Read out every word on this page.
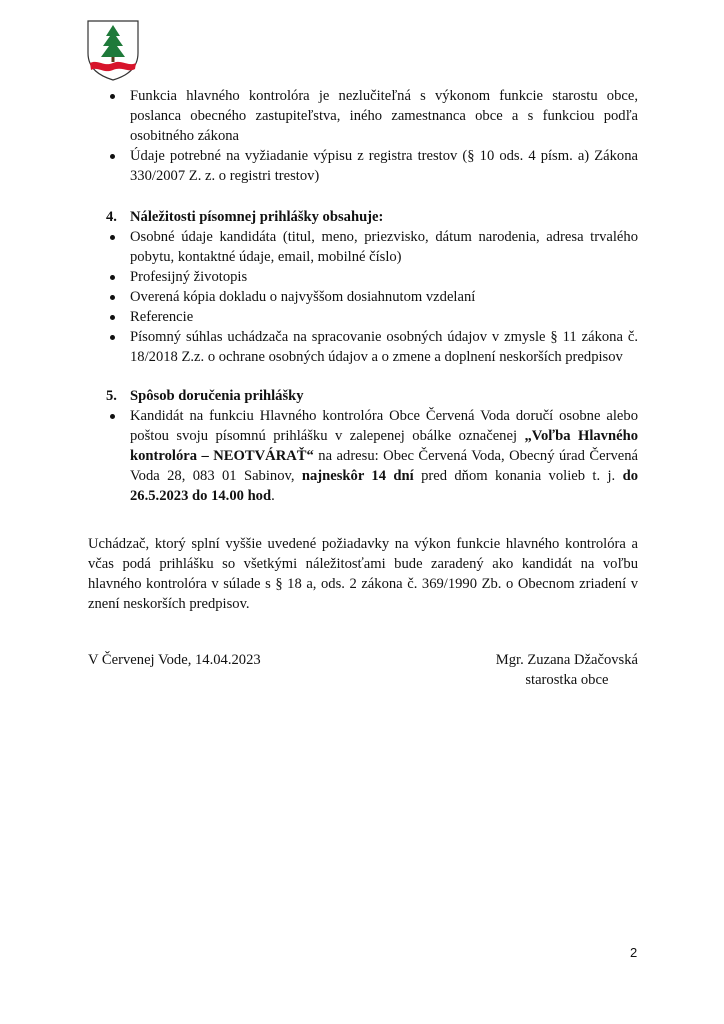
Funkcia hlavného kontrolóra je nezlučiteľná s výkonom funkcie starostu obce, poslanca obecného zastupiteľstva, iného zamestnanca obce a s funkciou podľa osobitného zákona
Údaje potrebné na vyžiadanie výpisu z registra trestov (§ 10 ods. 4 písm. a) Zákona 330/2007 Z. z. o registri trestov)
4. Náležitosti písomnej prihlášky obsahuje:
Osobné údaje kandidáta (titul, meno, priezvisko, dátum narodenia, adresa trvalého pobytu, kontaktné údaje, email, mobilné číslo)
Profesijný životopis
Overená kópia dokladu o najvyššom dosiahnutom vzdelaní
Referencie
Písomný súhlas uchádzača na spracovanie osobných údajov v zmysle § 11 zákona č. 18/2018 Z.z. o ochrane osobných údajov a o zmene a doplnení neskorších predpisov
5. Spôsob doručenia prihlášky
Kandidát na funkciu Hlavného kontrolóra Obce Červená Voda doručí osobne alebo poštou svoju písomnú prihlášku v zalepenej obálke označenej „Voľba Hlavného kontrolóra – NEOTVÁRAŤ“ na adresu: Obec Červená Voda, Obecný úrad Červená Voda 28, 083 01 Sabinov, najneskôr 14 dní pred dňom konania volieb t. j. do 26.5.2023 do 14.00 hod.

Uchádzač, ktorý splní vyššie uvedené požiadavky na výkon funkcie hlavného kontrolóra a včas podá prihlášku so všetkými náležitosťami bude zaradený ako kandidát na voľbu hlavného kontrolóra v súlade s § 18 a, ods. 2 zákona č. 369/1990 Zb. o Obecnom zriadení v znení neskorších predpisov.

V Červenej Vode, 14.04.2023	Mgr. Zuzana Džačovská
starostka obce
2
